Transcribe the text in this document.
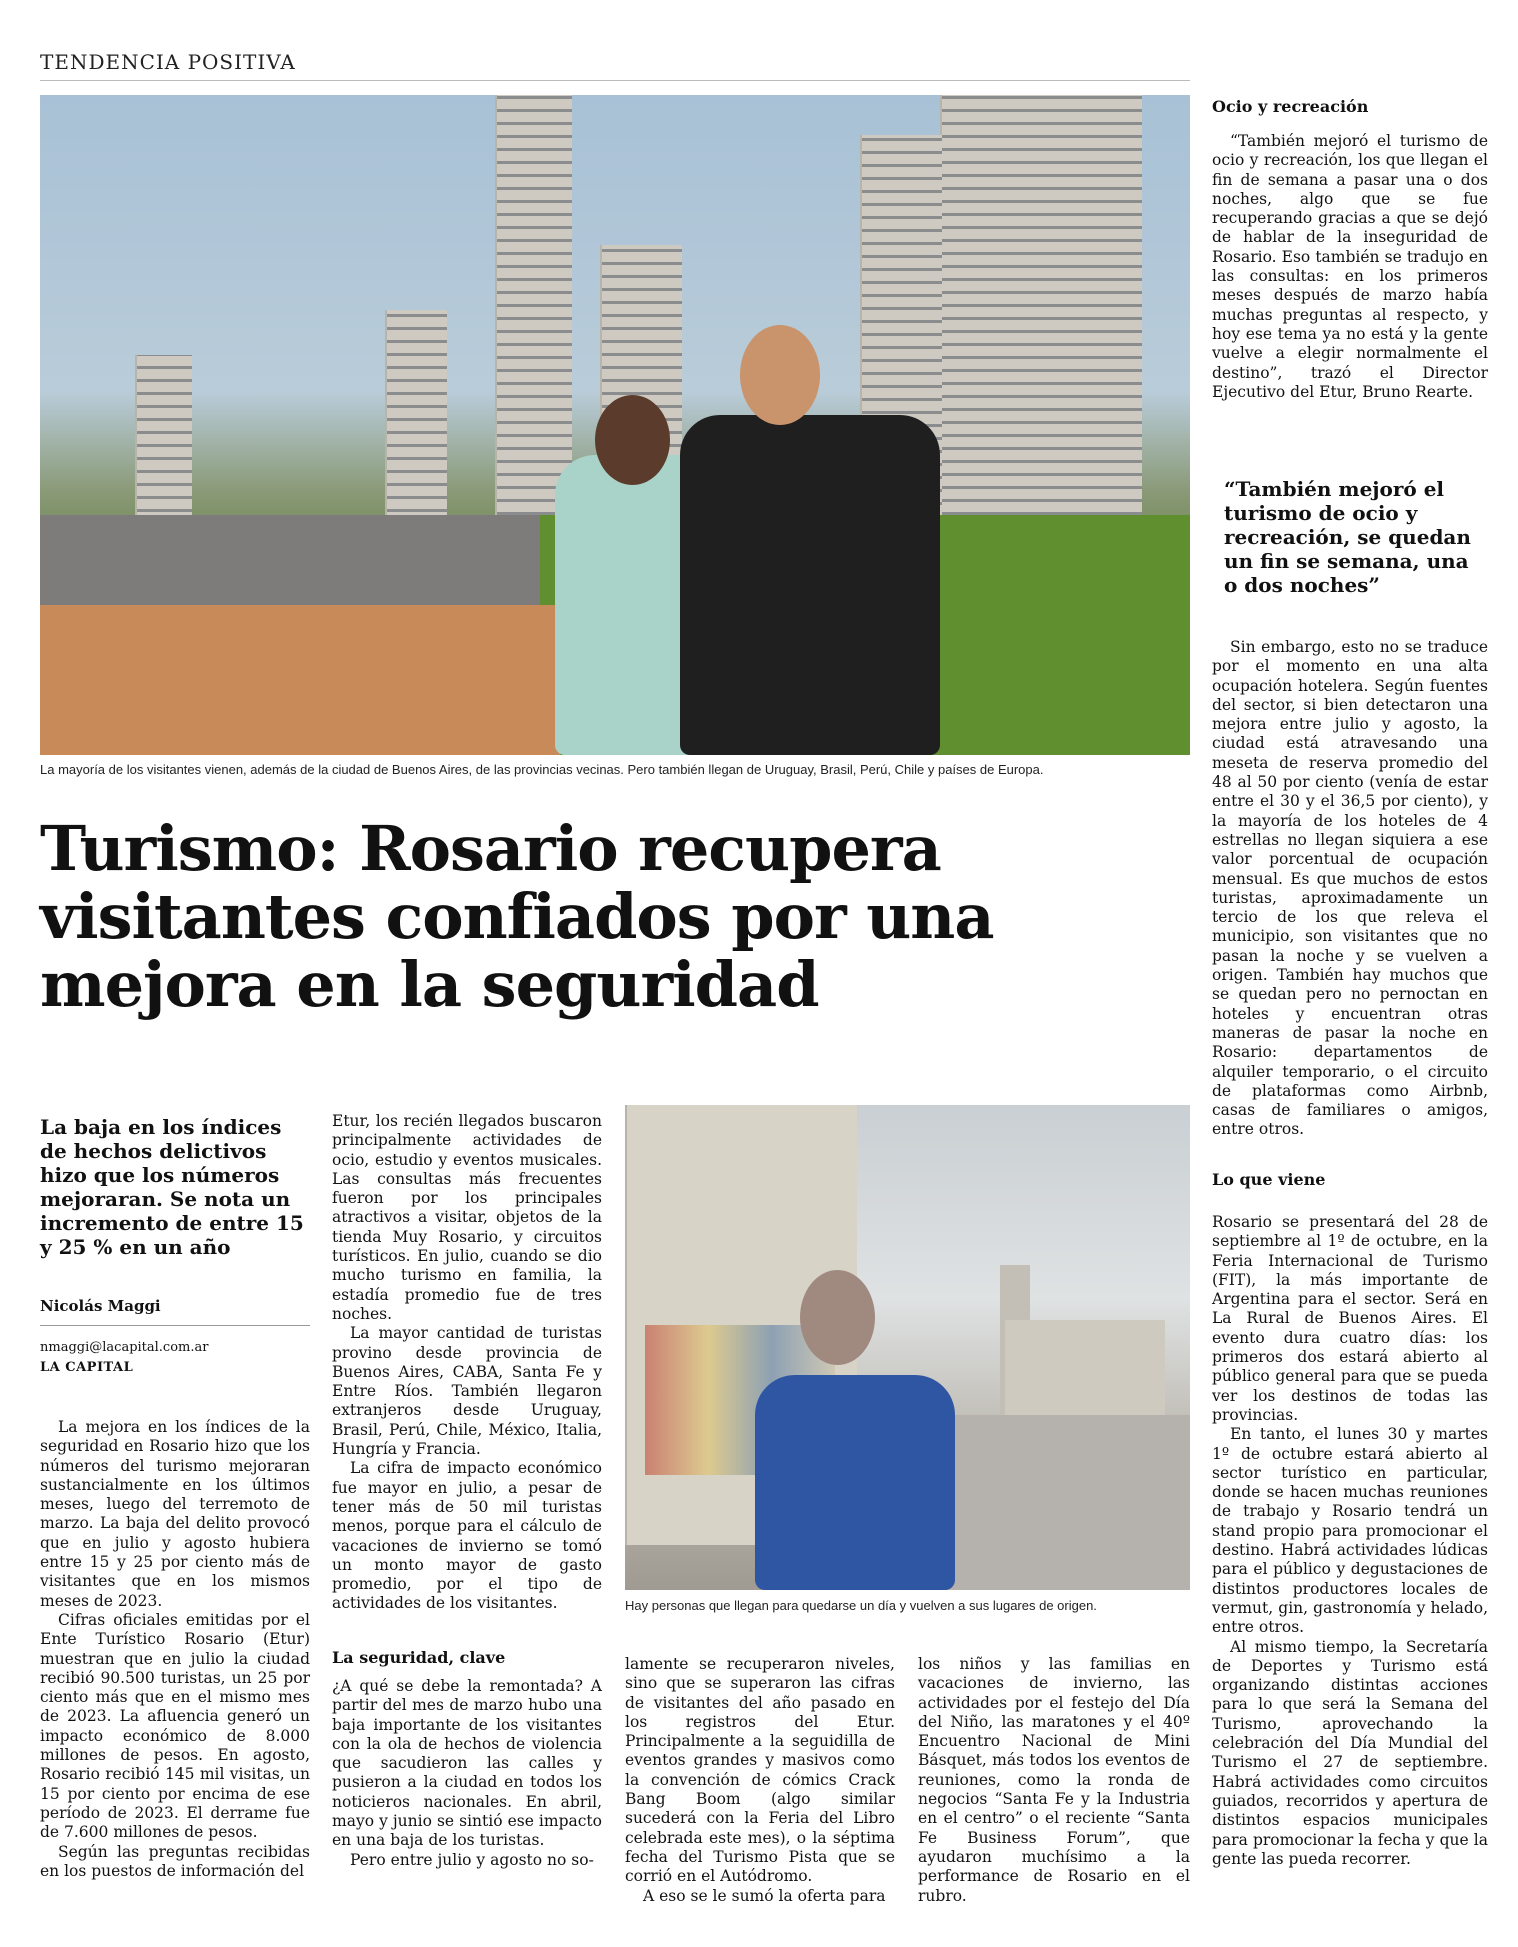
TENDENCIA POSITIVA
La mayoría de los visitantes vienen, además de la ciudad de Buenos Aires, de las provincias vecinas. Pero también llegan de Uruguay, Brasil, Perú, Chile y países de Europa.
Turismo: Rosario recupera visitantes confiados por una mejora en la seguridad
La baja en los índices de hechos delictivos hizo que los números mejoraran. Se nota un incremento de entre 15 y 25 % en un año
Nicolás Maggi
nmaggi@lacapital.com.ar
LA CAPITAL

La mejora en los índices de la seguridad en Rosario hizo que los números del turismo mejoraran sustancialmente en los últimos meses, luego del terremoto de marzo. La baja del delito provocó que en julio y agosto hubiera entre 15 y 25 por ciento más de visitantes que en los mismos meses de 2023.

Cifras oficiales emitidas por el Ente Turístico Rosario (Etur) muestran que en julio la ciudad recibió 90.500 turistas, un 25 por ciento más que en el mismo mes de 2023. La afluencia generó un impacto económico de 8.000 millones de pesos. En agosto, Rosario recibió 145 mil visitas, un 15 por ciento por encima de ese período de 2023. El derrame fue de 7.600 millones de pesos.

Según las preguntas recibidas en los puestos de información del

Etur, los recién llegados buscaron principalmente actividades de ocio, estudio y eventos musicales. Las consultas más frecuentes fueron por los principales atractivos a visitar, objetos de la tienda Muy Rosario, y circuitos turísticos. En julio, cuando se dio mucho turismo en familia, la estadía promedio fue de tres noches.

La mayor cantidad de turistas provino desde provincia de Buenos Aires, CABA, Santa Fe y Entre Ríos. También llegaron extranjeros desde Uruguay, Brasil, Perú, Chile, México, Italia, Hungría y Francia.

La cifra de impacto económico fue mayor en julio, a pesar de tener más de 50 mil turistas menos, porque para el cálculo de vacaciones de invierno se tomó un monto mayor de gasto promedio, por el tipo de actividades de los visitantes.

La seguridad, clave

¿A qué se debe la remontada? A partir del mes de marzo hubo una baja importante de los visitantes con la ola de hechos de violencia que sacudieron las calles y pusieron a la ciudad en todos los noticieros nacionales. En abril, mayo y junio se sintió ese impacto en una baja de los turistas.

Pero entre julio y agosto no so-

Hay personas que llegan para quedarse un día y vuelven a sus lugares de origen.

lamente se recuperaron niveles, sino que se superaron las cifras de visitantes del año pasado en los registros del Etur. Principalmente a la seguidilla de eventos grandes y masivos como la convención de cómics Crack Bang Boom (algo similar sucederá con la Feria del Libro celebrada este mes), o la séptima fecha del Turismo Pista que se corrió en el Autódromo.

A eso se le sumó la oferta para

los niños y las familias en vacaciones de invierno, las actividades por el festejo del Día del Niño, las maratones y el 40º Encuentro Nacional de Mini Básquet, más todos los eventos de reuniones, como la ronda de negocios “Santa Fe y la Industria en el centro” o el reciente “Santa Fe Business Forum”, que ayudaron muchísimo a la performance de Rosario en el rubro.

Ocio y recreación

“También mejoró el turismo de ocio y recreación, los que llegan el fin de semana a pasar una o dos noches, algo que se fue recuperando gracias a que se dejó de hablar de la inseguridad de Rosario. Eso también se tradujo en las consultas: en los primeros meses después de marzo había muchas preguntas al respecto, y hoy ese tema ya no está y la gente vuelve a elegir normalmente el destino”, trazó el Director Ejecutivo del Etur, Bruno Rearte.

“También mejoró el turismo de ocio y recreación, se quedan un fin se semana, una o dos noches”

Sin embargo, esto no se traduce por el momento en una alta ocupación hotelera. Según fuentes del sector, si bien detectaron una mejora entre julio y agosto, la ciudad está atravesando una meseta de reserva promedio del 48 al 50 por ciento (venía de estar entre el 30 y el 36,5 por ciento), y la mayoría de los hoteles de 4 estrellas no llegan siquiera a ese valor porcentual de ocupación mensual. Es que muchos de estos turistas, aproximadamente un tercio de los que releva el municipio, son visitantes que no pasan la noche y se vuelven a origen. También hay muchos que se quedan pero no pernoctan en hoteles y encuentran otras maneras de pasar la noche en Rosario: departamentos de alquiler temporario, o el circuito de plataformas como Airbnb, casas de familiares o amigos, entre otros.

Lo que viene

Rosario se presentará del 28 de septiembre al 1º de octubre, en la Feria Internacional de Turismo (FIT), la más importante de Argentina para el sector. Será en La Rural de Buenos Aires. El evento dura cuatro días: los primeros dos estará abierto al público general para que se pueda ver los destinos de todas las provincias.

En tanto, el lunes 30 y martes 1º de octubre estará abierto al sector turístico en particular, donde se hacen muchas reuniones de trabajo y Rosario tendrá un stand propio para promocionar el destino. Habrá actividades lúdicas para el público y degustaciones de distintos productores locales de vermut, gin, gastronomía y helado, entre otros.

Al mismo tiempo, la Secretaría de Deportes y Turismo está organizando distintas acciones para lo que será la Semana del Turismo, aprovechando la celebración del Día Mundial del Turismo el 27 de septiembre. Habrá actividades como circuitos guiados, recorridos y apertura de distintos espacios municipales para promocionar la fecha y que la gente las pueda recorrer.
